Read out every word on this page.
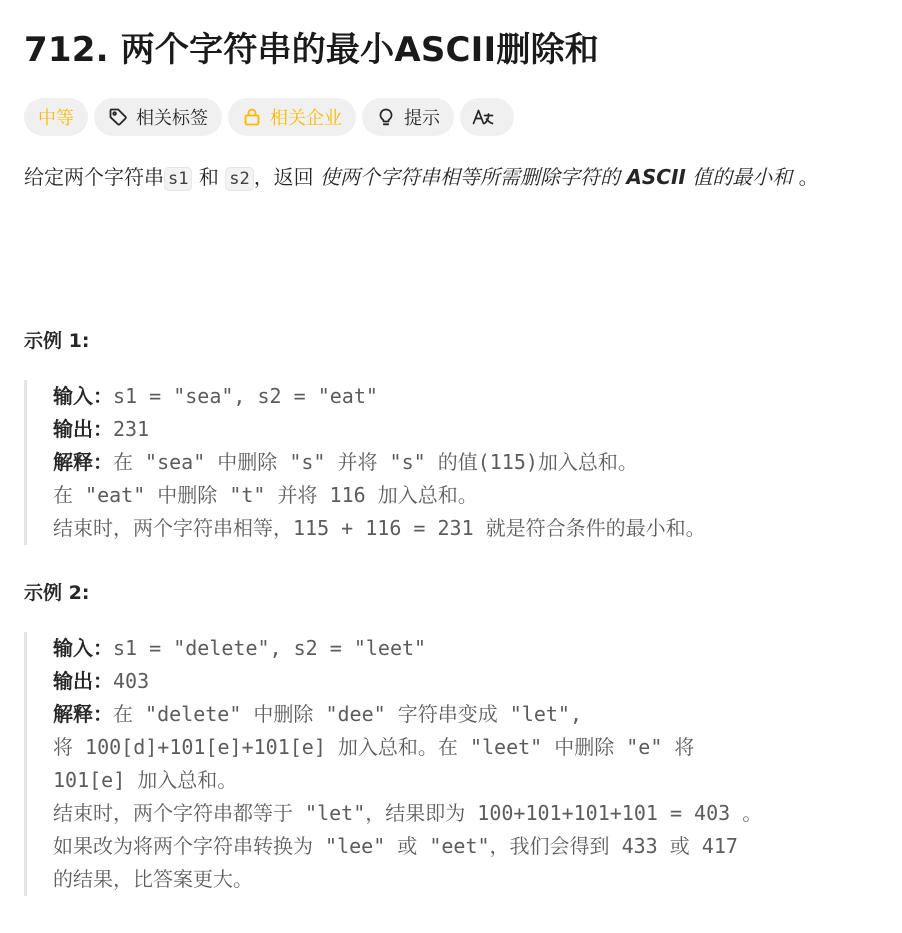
712. 两个字符串的最小ASCII删除和
中等	相关标签	相关企业	提示
给定两个字符串 s1 和 s2 ，返回 使两个字符串相等所需删除字符的 ASCII 值的最小和 。
示例 1:
输入：s1 = "sea", s2 = "eat"
输出：231
解释：在 "sea" 中删除 "s" 并将 "s" 的值(115)加入总和。
在 "eat" 中删除 "t" 并将 116 加入总和。
结束时，两个字符串相等，115 + 116 = 231 就是符合条件的最小和。
示例 2:
输入：s1 = "delete", s2 = "leet"
输出：403
解释：在 "delete" 中删除 "dee" 字符串变成 "let",
将 100[d]+101[e]+101[e] 加入总和。在 "leet" 中删除 "e" 将
101[e] 加入总和。
结束时，两个字符串都等于 "let"，结果即为 100+101+101+101 = 403 。
如果改为将两个字符串转换为 "lee" 或 "eet"，我们会得到 433 或 417
的结果，比答案更大。
